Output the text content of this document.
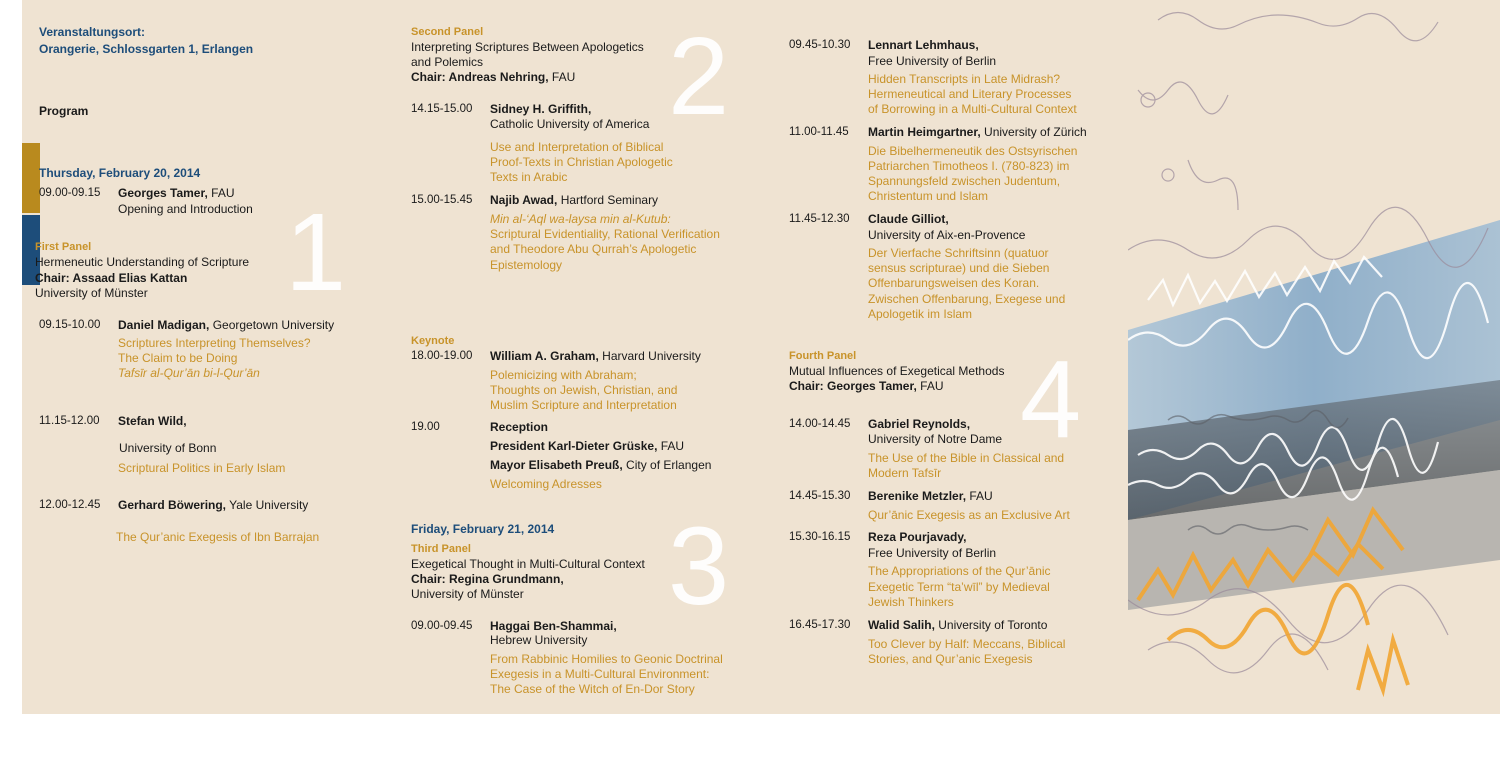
Veranstaltungsort:
Orangerie, Schlossgarten 1, Erlangen
Program
Thursday, February 20, 2014
09.00-09.15 Georges Tamer, FAU
Opening and Introduction 1
First Panel
Hermeneutic Understanding of Scripture
Chair: Assaad Elias Kattan
University of Münster
09.15-10.00 Daniel Madigan, Georgetown University
Scriptures Interpreting Themselves?
The Claim to be Doing
Tafsīr al-Qur’ān bi-l-Qur’ān
11.15-12.00 Stefan Wild,
University of Bonn
Scriptural Politics in Early Islam
12.00-12.45 Gerhard Böwering, Yale University
The Qur’anic Exegesis of Ibn Barrajan
2
Second Panel
Interpreting Scriptures Between Apologetics
and Polemics
Chair: Andreas Nehring, FAU
14.15-15.00 Sidney H. Griffith,
Catholic University of America
Use and Interpretation of Biblical
Proof-Texts in Christian Apologetic
Texts in Arabic
15.00-15.45 Najib Awad, Hartford Seminary
Min al-‘Aql wa-laysa min al-Kutub:
Scriptural Evidentiality, Rational Verification
and Theodore Abu Qurrah’s Apologetic
Epistemology
Keynote
18.00-19.00 William A. Graham, Harvard University
Polemicizing with Abraham;
Thoughts on Jewish, Christian, and
Muslim Scripture and Interpretation
19.00	Reception
President Karl-Dieter Grüske, FAU
Mayor Elisabeth Preuß, City of Erlangen
Welcoming Adresses
Friday, February 21, 2014 3
Third Panel
Exegetical Thought in Multi-Cultural Context
Chair: Regina Grundmann,
University of Münster
09.00-09.45 Haggai Ben-Shammai,
Hebrew University
From Rabbinic Homilies to Geonic Doctrinal
Exegesis in a Multi-Cultural Environment:
The Case of the Witch of En-Dor Story
09.45-10.30 Lennart Lehmhaus,
Free University of Berlin
Hidden Transcripts in Late Midrash?
Hermeneutical and Literary Processes
of Borrowing in a Multi-Cultural Context
11.00-11.45 Martin Heimgartner, University of Zürich
Die Bibelhermeneutik des Ostsyrischen
Patriarchen Timotheos I. (780-823) im
Spannungsfeld zwischen Judentum,
Christentum und Islam
11.45-12.30 Claude Gilliot,
University of Aix-en-Provence
Der Vierfache Schriftsinn (quatuor
sensus scripturae) und die Sieben
Offenbarungsweisen des Koran.
Zwischen Offenbarung, Exegese und
Apologetik im Islam
4
Fourth Panel
Mutual Influences of Exegetical Methods
Chair: Georges Tamer, FAU
14.00-14.45 Gabriel Reynolds,
University of Notre Dame
The Use of the Bible in Classical and
Modern Tafsīr
14.45-15.30 Berenike Metzler, FAU
Qur’ānic Exegesis as an Exclusive Art
15.30-16.15 Reza Pourjavady,
Free University of Berlin
The Appropriations of the Qur’ānic
Exegetic Term “ta’wīl” by Medieval
Jewish Thinkers
16.45-17.30 Walid Salih, University of Toronto
Too Clever by Half: Meccans, Biblical
Stories, and Qur’anic Exegesis
